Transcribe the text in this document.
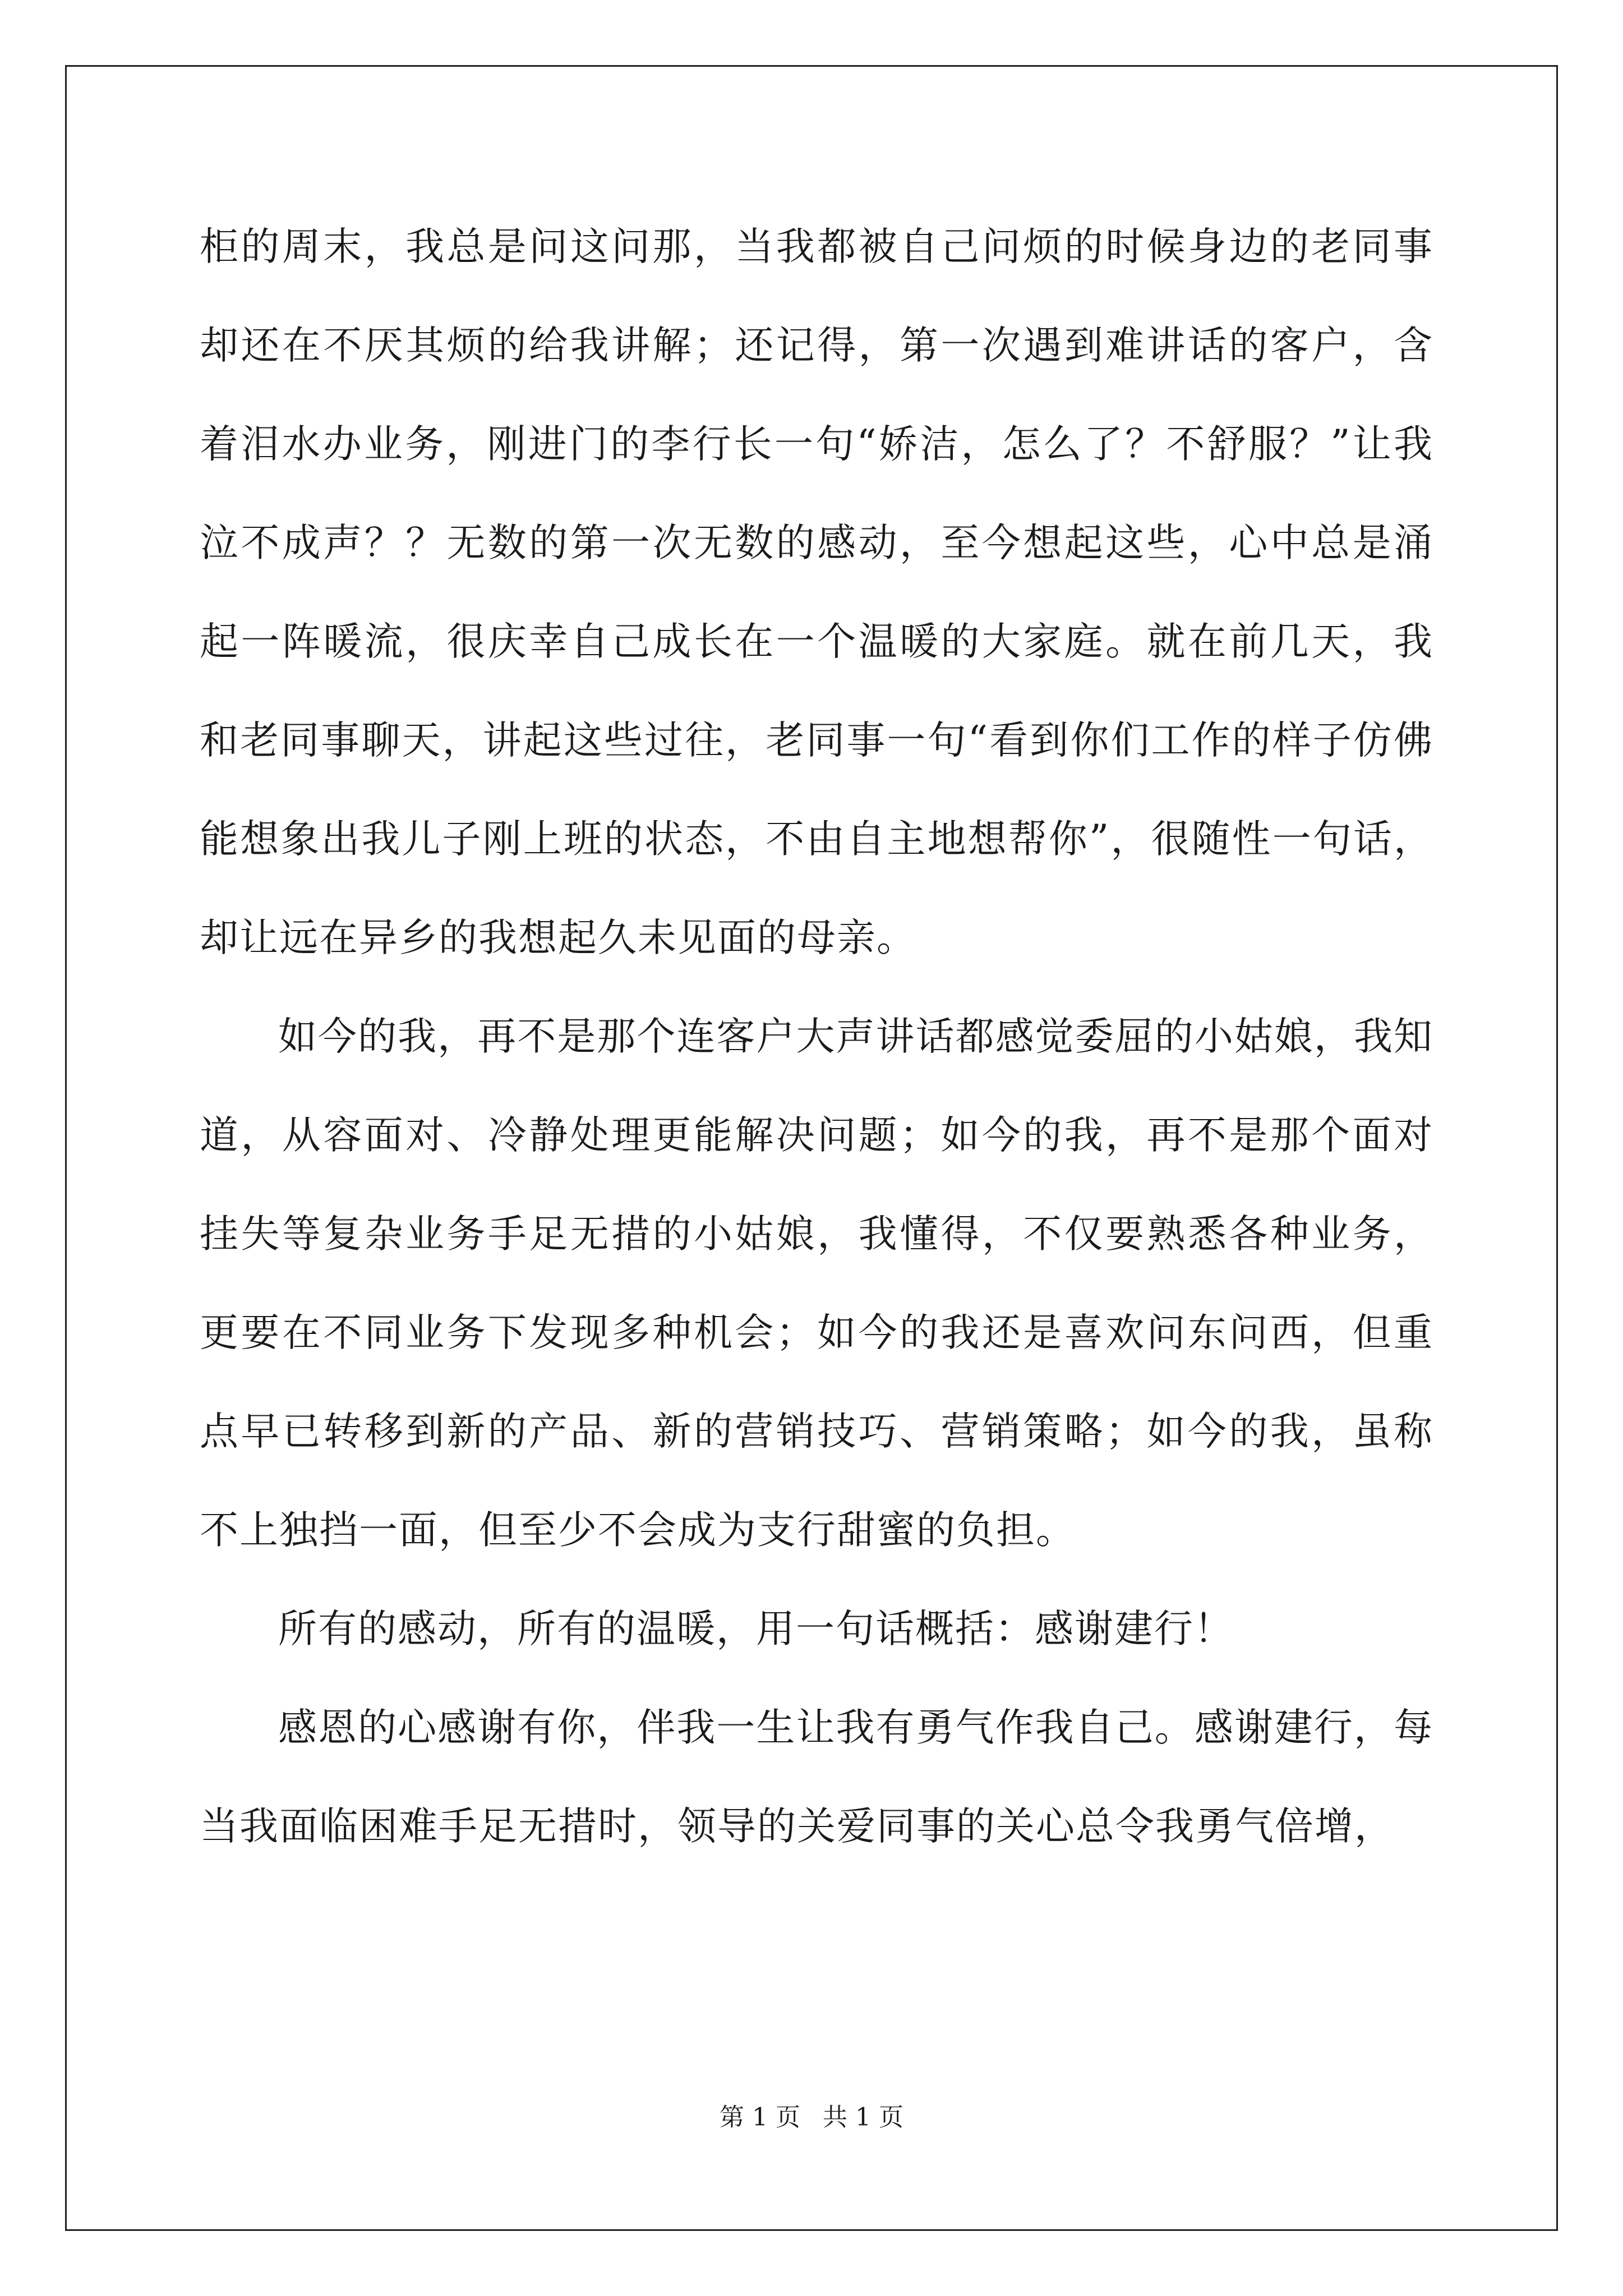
柜的周末，我总是问这问那，当我都被自己问烦的时候身边的老同事却还在不厌其烦的给我讲解；还记得，第一次遇到难讲话的客户，含着泪水办业务，刚进门的李行长一句“娇洁，怎么了？不舒服？”让我泣不成声？？无数的第一次无数的感动，至今想起这些，心中总是涌起一阵暖流，很庆幸自己成长在一个温暖的大家庭。就在前几天，我和老同事聊天，讲起这些过往，老同事一句“看到你们工作的样子仿佛能想象出我儿子刚上班的状态，不由自主地想帮你”，很随性一句话，却让远在异乡的我想起久未见面的母亲。

如今的我，再不是那个连客户大声讲话都感觉委屈的小姑娘，我知道，从容面对、冷静处理更能解决问题；如今的我，再不是那个面对挂失等复杂业务手足无措的小姑娘，我懂得，不仅要熟悉各种业务，更要在不同业务下发现多种机会；如今的我还是喜欢问东问西，但重点早已转移到新的产品、新的营销技巧、营销策略；如今的我，虽称不上独挡一面，但至少不会成为支行甜蜜的负担。

所有的感动，所有的温暖，用一句话概括：感谢建行！

感恩的心感谢有你，伴我一生让我有勇气作我自己。感谢建行，每当我面临困难手足无措时，领导的关爱同事的关心总令我勇气倍增，

第 1 页 共 1 页
